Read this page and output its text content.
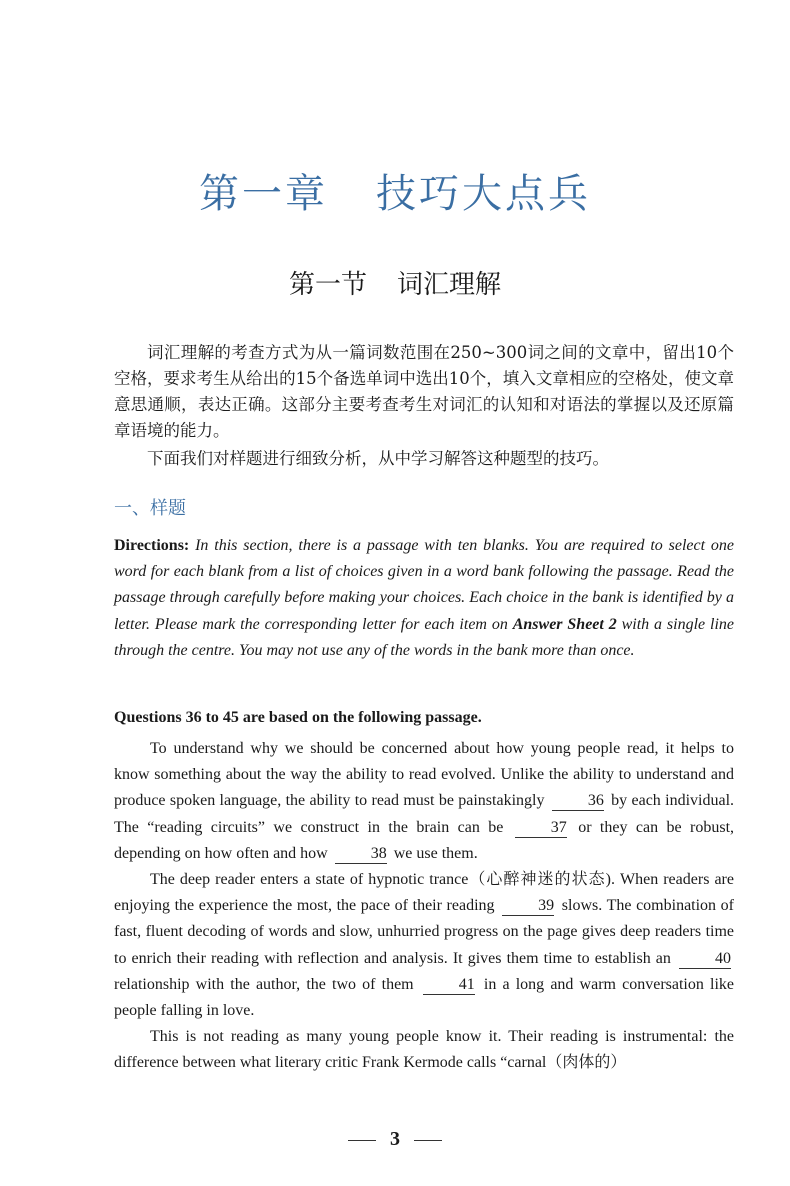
第一章 技巧大点兵
第一节 词汇理解
词汇理解的考查方式为从一篇词数范围在250~300词之间的文章中，留出10个空格，要求考生从给出的15个备选单词中选出10个，填入文章相应的空格处，使文章意思通顺，表达正确。这部分主要考查考生对词汇的认知和对语法的掌握以及还原篇章语境的能力。
下面我们对样题进行细致分析，从中学习解答这种题型的技巧。
一、样题
Directions: In this section, there is a passage with ten blanks. You are required to select one word for each blank from a list of choices given in a word bank following the passage. Read the passage through carefully before making your choices. Each choice in the bank is identified by a letter. Please mark the corresponding letter for each item on Answer Sheet 2 with a single line through the centre. You may not use any of the words in the bank more than once.
Questions 36 to 45 are based on the following passage.

To understand why we should be concerned about how young people read, it helps to know something about the way the ability to read evolved. Unlike the ability to understand and produce spoken language, the ability to read must be painstakingly	36 by each individual. The “reading circuits” we construct in the brain can be	37 or they can be robust, depending on how often and how	38 we use them.

The deep reader enters a state of hypnotic trance（心醉神迷的状态). When readers are enjoying the experience the most, the pace of their reading	39 slows. The combination of fast, fluent decoding of words and slow, unhurried progress on the page gives deep readers time to enrich their reading with reflection and analysis. It gives them time to establish an	40 relationship with the author, the two of them	41 in a long and warm conversation like people falling in love.

This is not reading as many young people know it. Their reading is instrumental: the difference between what literary critic Frank Kermode calls “carnal（肉体的）

3
